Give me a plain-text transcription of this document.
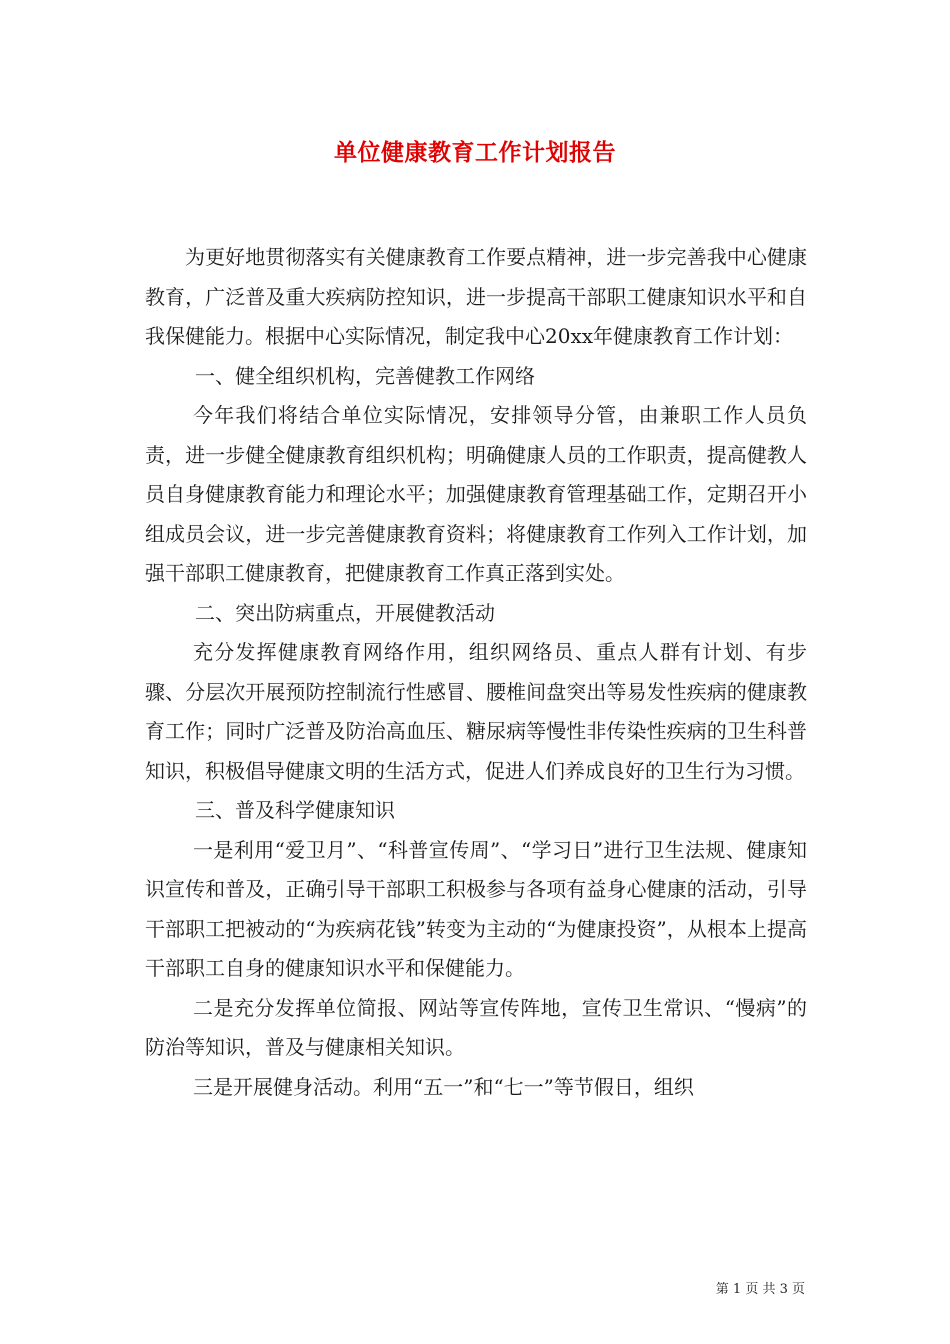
单位健康教育工作计划报告

为更好地贯彻落实有关健康教育工作要点精神，进一步完善我中心健康教育，广泛普及重大疾病防控知识，进一步提高干部职工健康知识水平和自我保健能力。根据中心实际情况，制定我中心20xx年健康教育工作计划：

一、健全组织机构，完善健教工作网络

今年我们将结合单位实际情况，安排领导分管，由兼职工作人员负责，进一步健全健康教育组织机构；明确健康人员的工作职责，提高健教人员自身健康教育能力和理论水平；加强健康教育管理基础工作，定期召开小组成员会议，进一步完善健康教育资料；将健康教育工作列入工作计划，加强干部职工健康教育，把健康教育工作真正落到实处。

二、突出防病重点，开展健教活动

充分发挥健康教育网络作用，组织网络员、重点人群有计划、有步骤、分层次开展预防控制流行性感冒、腰椎间盘突出等易发性疾病的健康教育工作；同时广泛普及防治高血压、糖尿病等慢性非传染性疾病的卫生科普知识，积极倡导健康文明的生活方式，促进人们养成良好的卫生行为习惯。

三、普及科学健康知识

一是利用“爱卫月”、“科普宣传周”、“学习日”进行卫生法规、健康知识宣传和普及，正确引导干部职工积极参与各项有益身心健康的活动，引导干部职工把被动的“为疾病花钱”转变为主动的“为健康投资”，从根本上提高干部职工自身的健康知识水平和保健能力。

二是充分发挥单位简报、网站等宣传阵地，宣传卫生常识、“慢病”的防治等知识，普及与健康相关知识。

三是开展健身活动。利用“五一”和“七一”等节假日，组织

第 1 页 共 3 页
